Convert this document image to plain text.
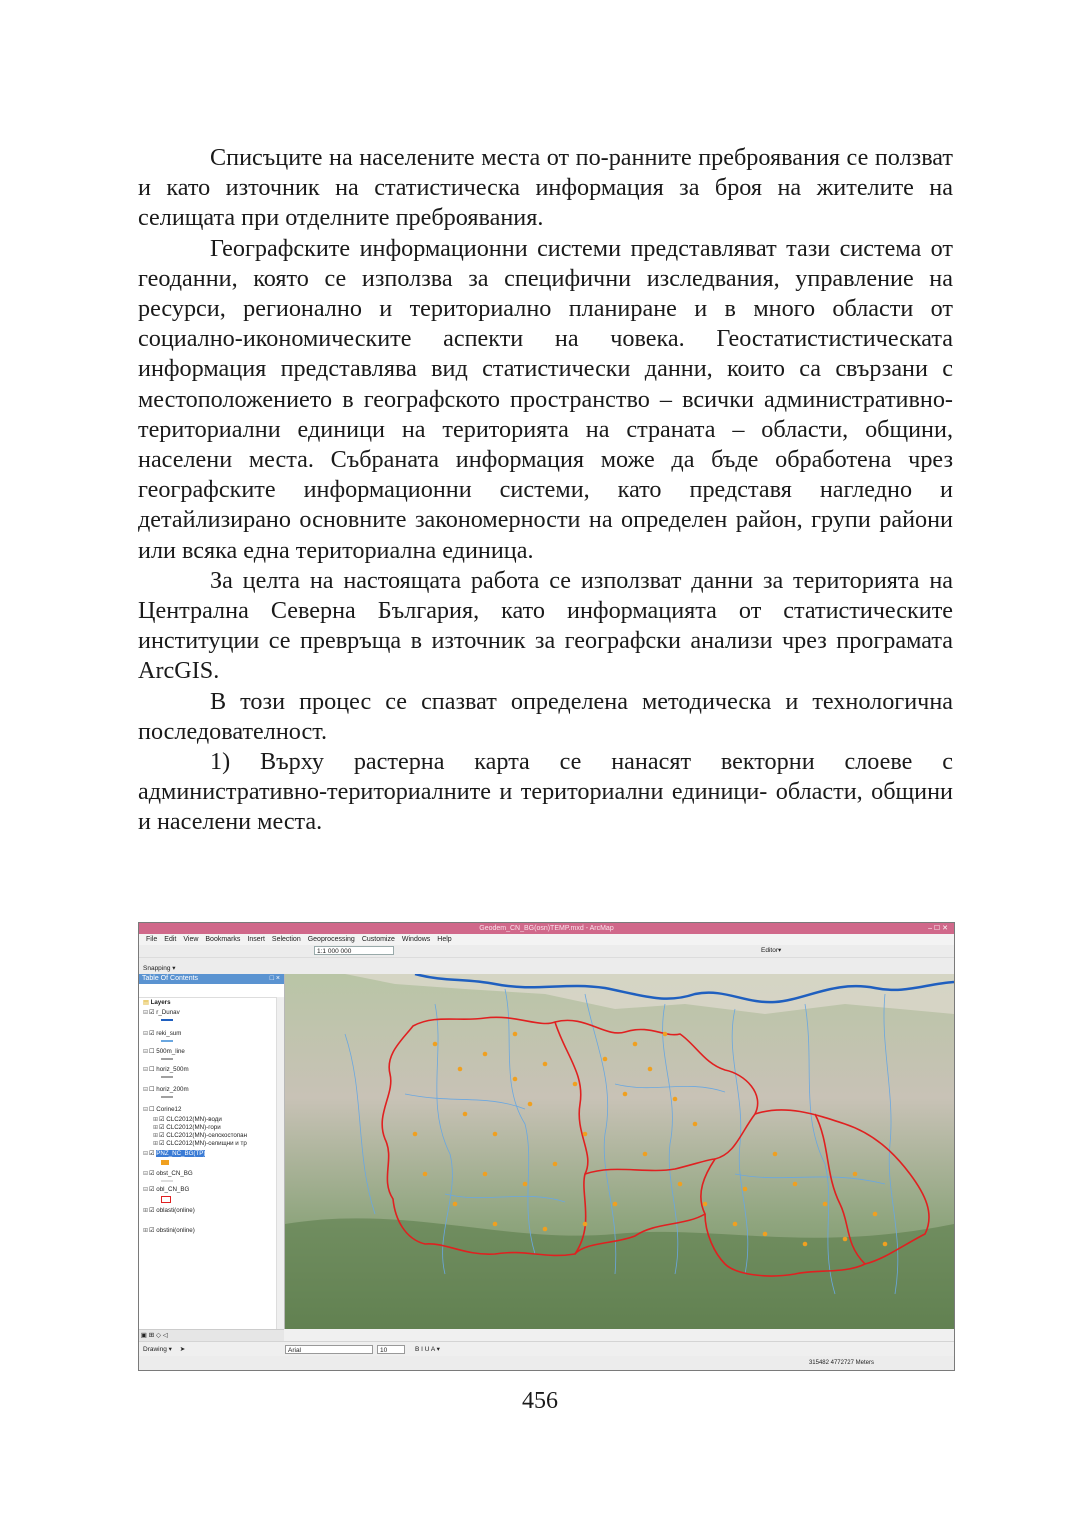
Списъците на населените места от по-ранните преброявания се ползват и като източник на статистическа информация за броя на жителите на селищата при отделните преброявания.

Географските информационни системи представляват тази система от геоданни, която се използва за специфични изследвания, управление на ресурси, регионално и териториално планиране и в много области от социално-икономическите аспекти на човека. Геостатистистическата информация представлява вид статистически данни, които са свързани с местоположението в географското пространство – всички административно-териториални единици на територията на страната – области, общини, населени места. Събраната информация може да бъде обработена чрез географските информационни системи, като представя нагледно и детайлизирано основните закономерности на определен район, групи райони или всяка една териториална единица.

За целта на настоящата работа се използват данни за територията на Централна Северна България, като информацията от статистическите институции се превръща в източник за географски анализи чрез програмата ArcGIS.

В този процес се спазват определена методическа и технологична последователност.

1) Върху растерна карта се нанасят векторни слоеве с административно-териториалните и териториални единици- области, общини и населени места.

Geodem_CN_BG(osn)TEMP.mxd - ArcMap	– ☐ ✕
File Edit View Bookmarks Insert Selection Geoprocessing Customize Windows Help
1:1 000 000	Editor▾
Snapping ▾
Table Of Contents	□ ×
▤ Layers
⊟☑ r_Dunav
⊟☑ reki_sum
⊟☐ 500m_line
⊟☐ horiz_500m
⊟☐ horiz_200m
⊟☐ Corine12
⊞☑ CLC2012(MN)-води
⊞☑ CLC2012(MN)-гори
⊞☑ CLC2012(MN)-селскостопан
⊞☑ CLC2012(MN)-селищни и тр
⊟☑ PNZ_NC_BG(TP)
⊟☑ obst_CN_BG
⊟☑ obl_CN_BG
⊞☑ oblasti(online)
⊞☑ obstini(online)
▣ ⊞ ◇ ◁
Drawing ▾ ➤	Arial	10	B I U A ▾
315482 4772727 Meters
456
